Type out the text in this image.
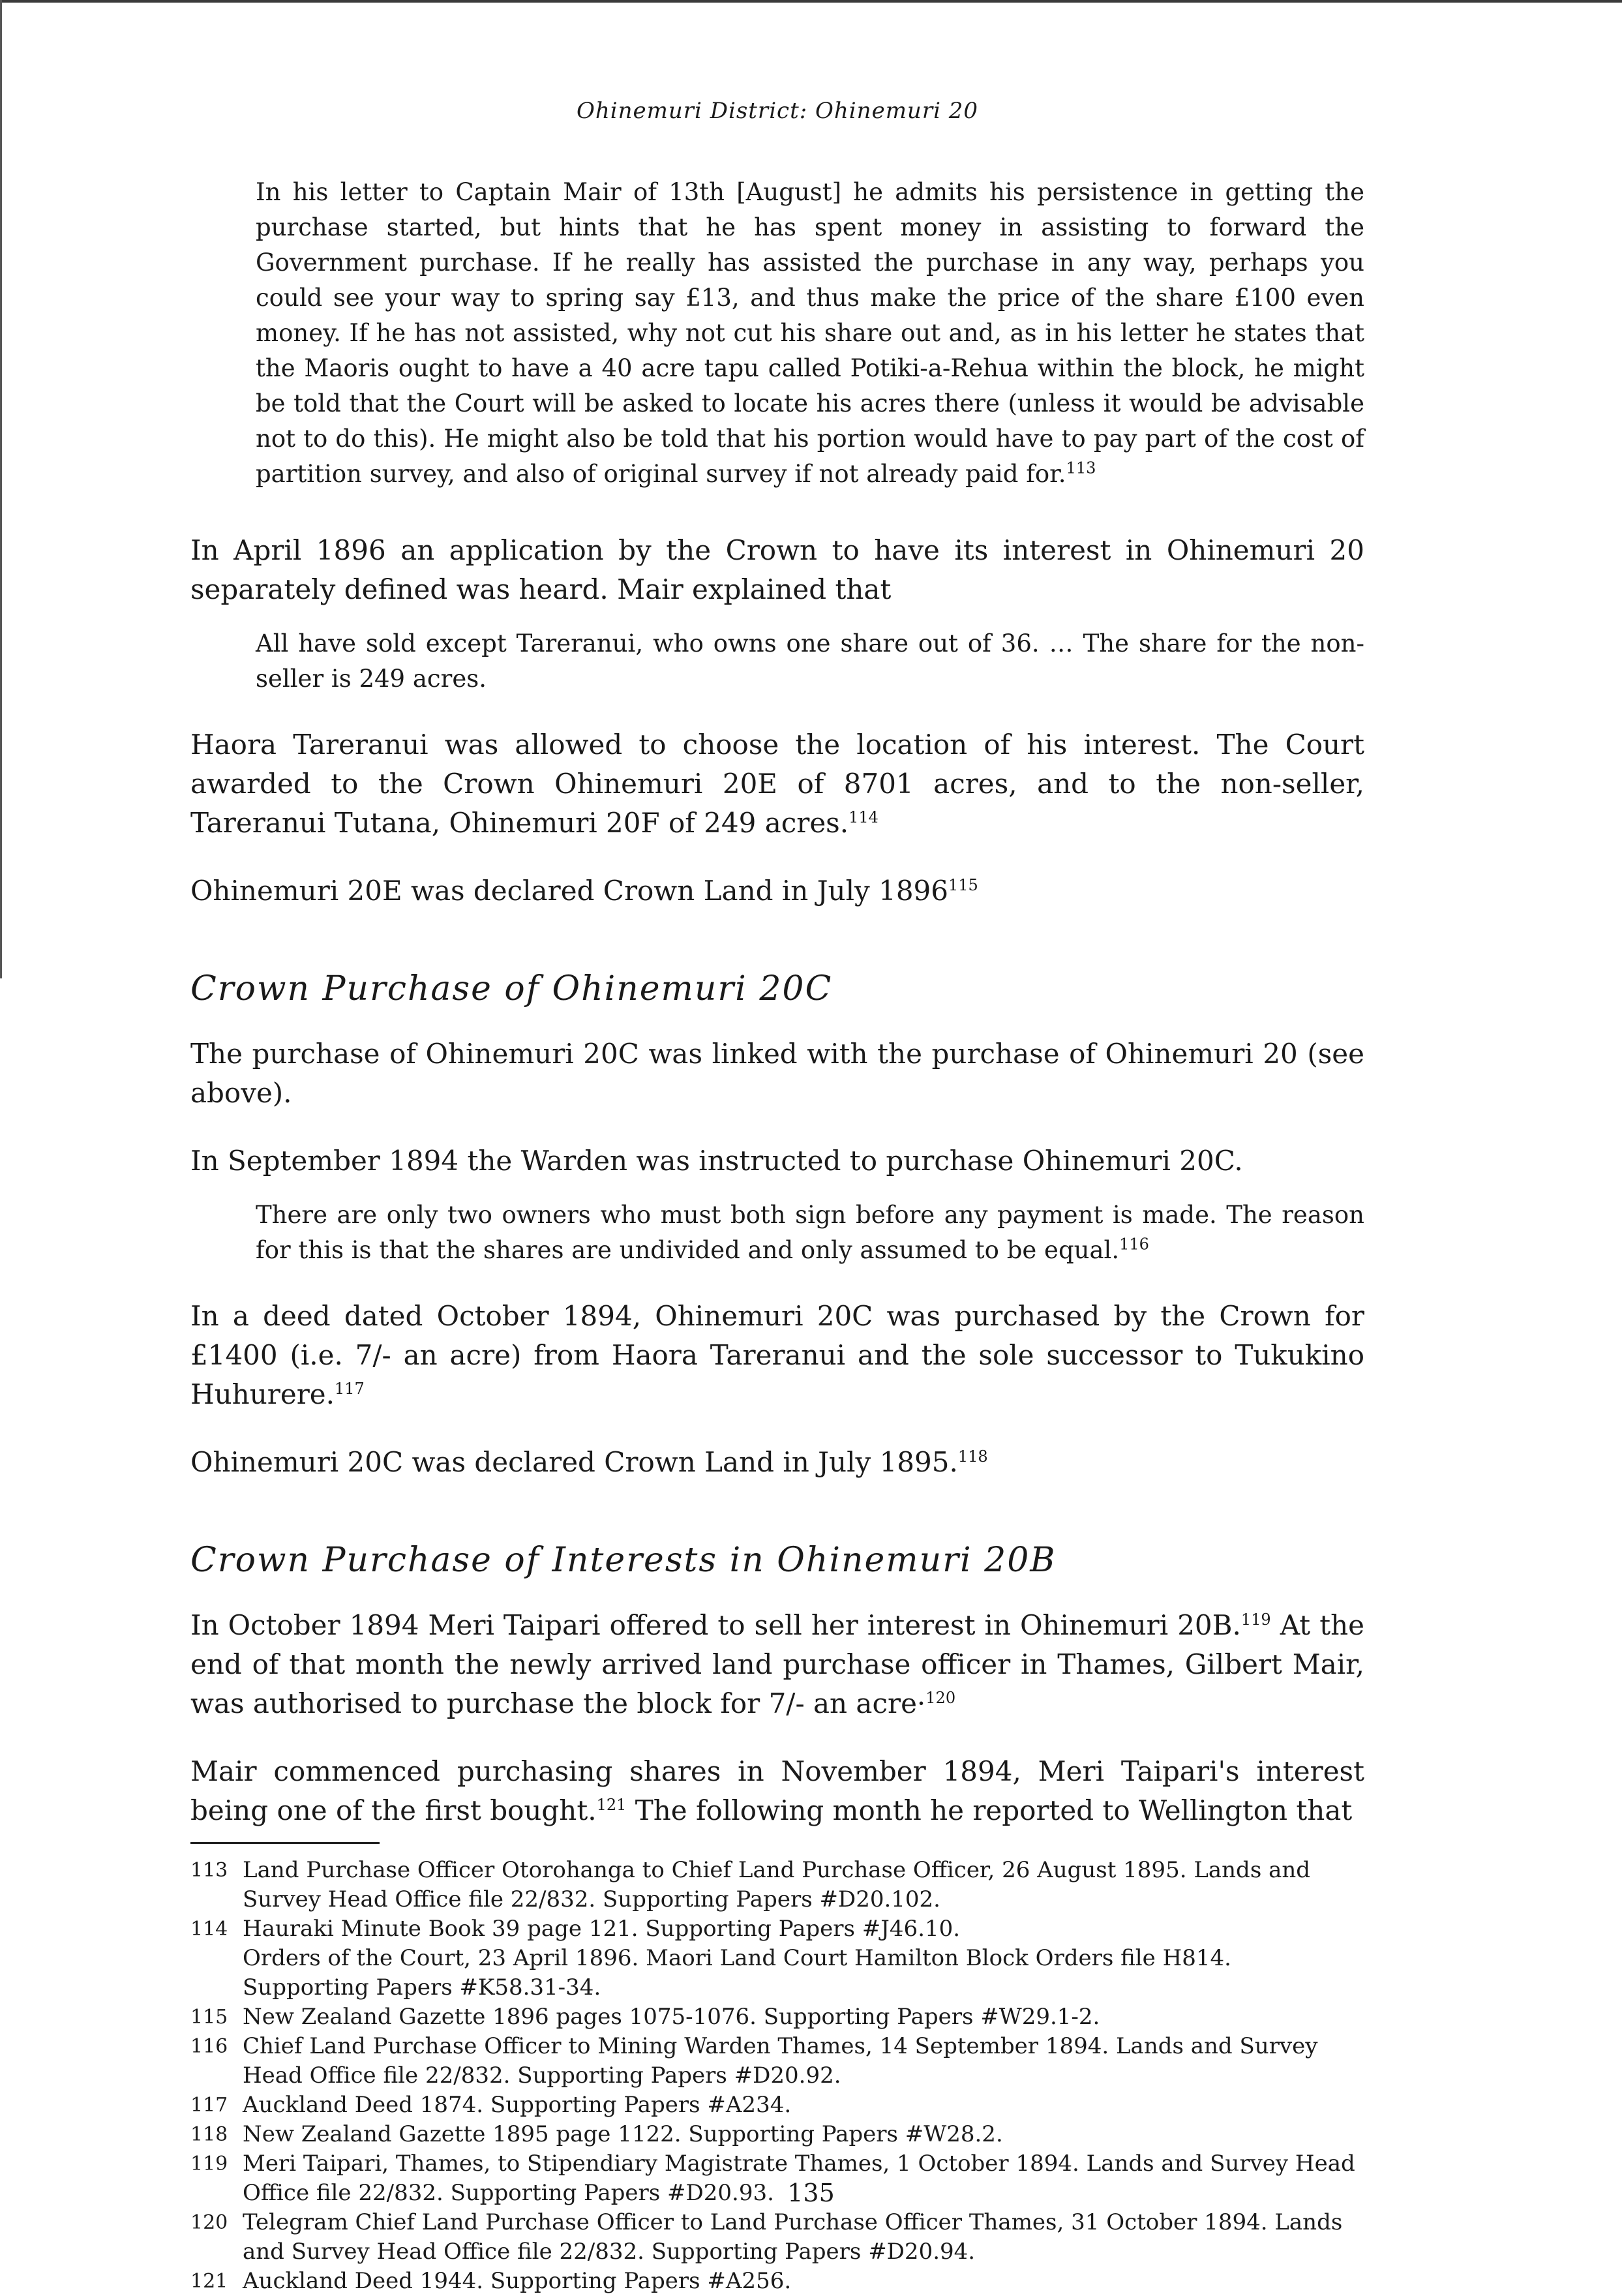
Ohinemuri District: Ohinemuri 20

In his letter to Captain Mair of 13th [August] he admits his persistence in getting the purchase started, but hints that he has spent money in assisting to forward the Government purchase. If he really has assisted the purchase in any way, perhaps you could see your way to spring say £13, and thus make the price of the share £100 even money. If he has not assisted, why not cut his share out and, as in his letter he states that the Maoris ought to have a 40 acre tapu called Potiki-a-Rehua within the block, he might be told that the Court will be asked to locate his acres there (unless it would be advisable not to do this). He might also be told that his portion would have to pay part of the cost of partition survey, and also of original survey if not already paid for.$^{113}$

In April 1896 an application by the Crown to have its interest in Ohinemuri 20 separately defined was heard. Mair explained that

All have sold except Tareranui, who owns one share out of 36. … The share for the non-seller is 249 acres.

Haora Tareranui was allowed to choose the location of his interest. The Court awarded to the Crown Ohinemuri 20E of 8701 acres, and to the non-seller, Tareranui Tutana, Ohinemuri 20F of 249 acres.$^{114}$

Ohinemuri 20E was declared Crown Land in July 1896$^{115}$

Crown Purchase of Ohinemuri 20C

The purchase of Ohinemuri 20C was linked with the purchase of Ohinemuri 20 (see above).

In September 1894 the Warden was instructed to purchase Ohinemuri 20C.

There are only two owners who must both sign before any payment is made. The reason for this is that the shares are undivided and only assumed to be equal.$^{116}$

In a deed dated October 1894, Ohinemuri 20C was purchased by the Crown for £1400 (i.e. 7/- an acre) from Haora Tareranui and the sole successor to Tukukino Huhurere.$^{117}$

Ohinemuri 20C was declared Crown Land in July 1895.$^{118}$

Crown Purchase of Interests in Ohinemuri 20B

In October 1894 Meri Taipari offered to sell her interest in Ohinemuri 20B.$^{119}$ At the end of that month the newly arrived land purchase officer in Thames, Gilbert Mair, was authorised to purchase the block for 7/- an acre·$^{120}$

Mair commenced purchasing shares in November 1894, Meri Taipari's interest being one of the first bought.$^{121}$ The following month he reported to Wellington that

113 Land Purchase Officer Otorohanga to Chief Land Purchase Officer, 26 August 1895. Lands and Survey Head Office file 22/832. Supporting Papers #D20.102.

114 Hauraki Minute Book 39 page 121. Supporting Papers #J46.10.

Orders of the Court, 23 April 1896. Maori Land Court Hamilton Block Orders file H814. Supporting Papers #K58.31-34.

115 New Zealand Gazette 1896 pages 1075-1076. Supporting Papers #W29.1-2.

116 Chief Land Purchase Officer to Mining Warden Thames, 14 September 1894. Lands and Survey Head Office file 22/832. Supporting Papers #D20.92.

117 Auckland Deed 1874. Supporting Papers #A234.

118 New Zealand Gazette 1895 page 1122. Supporting Papers #W28.2.

119 Meri Taipari, Thames, to Stipendiary Magistrate Thames, 1 October 1894. Lands and Survey Head Office file 22/832. Supporting Papers #D20.93.

120 Telegram Chief Land Purchase Officer to Land Purchase Officer Thames, 31 October 1894. Lands and Survey Head Office file 22/832. Supporting Papers #D20.94.

121 Auckland Deed 1944. Supporting Papers #A256.

135
